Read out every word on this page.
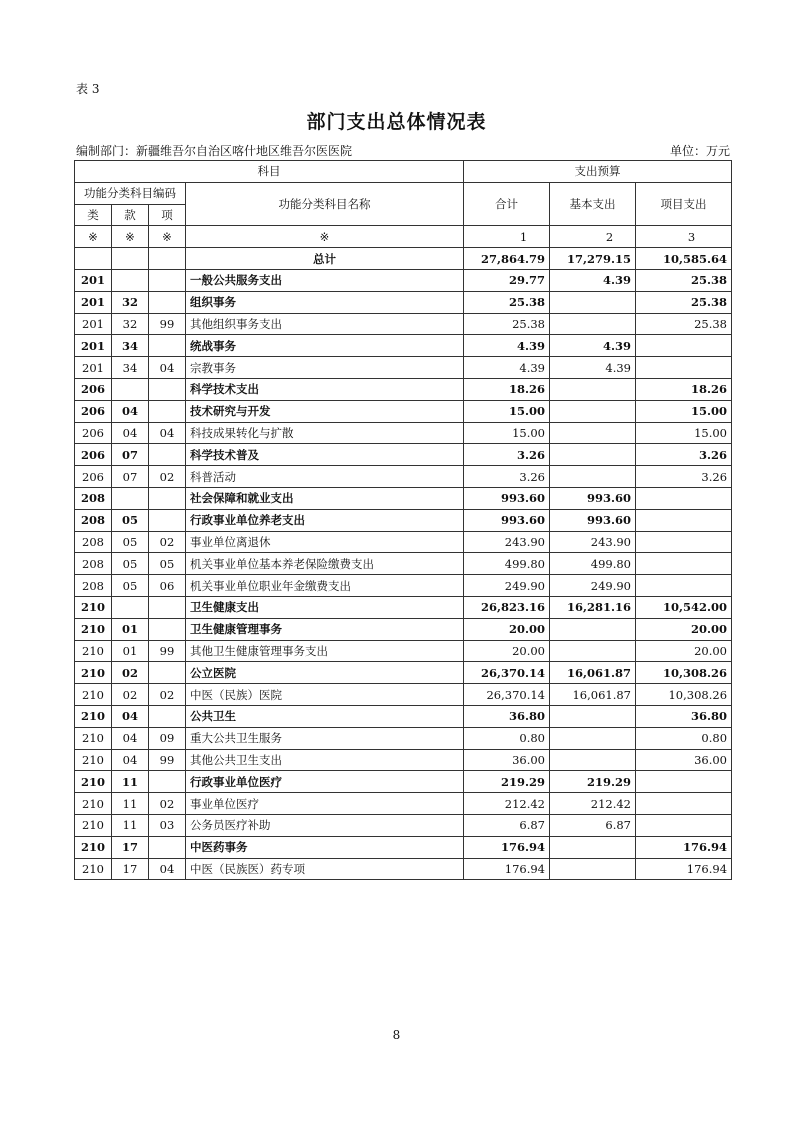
表 3
部门支出总体情况表
编制部门：新疆维吾尔自治区喀什地区维吾尔医医院	单位：万元
科目				支出预算		
功能分类科目编码			功能分类科目名称	合计	基本支出	项目支出
类	款	项				
※	※	※	※	1	2	3
			总计	27,864.79	17,279.15	10,585.64
201			一般公共服务支出	29.77	4.39	25.38
201	32		组织事务	25.38		25.38
201	32	99	其他组织事务支出	25.38		25.38
201	34		统战事务	4.39	4.39	
201	34	04	宗教事务	4.39	4.39	
206			科学技术支出	18.26		18.26
206	04		技术研究与开发	15.00		15.00
206	04	04	科技成果转化与扩散	15.00		15.00
206	07		科学技术普及	3.26		3.26
206	07	02	科普活动	3.26		3.26
208			社会保障和就业支出	993.60	993.60	
208	05		行政事业单位养老支出	993.60	993.60	
208	05	02	事业单位离退休	243.90	243.90	
208	05	05	机关事业单位基本养老保险缴费支出	499.80	499.80	
208	05	06	机关事业单位职业年金缴费支出	249.90	249.90	
210			卫生健康支出	26,823.16	16,281.16	10,542.00
210	01		卫生健康管理事务	20.00		20.00
210	01	99	其他卫生健康管理事务支出	20.00		20.00
210	02		公立医院	26,370.14	16,061.87	10,308.26
210	02	02	中医（民族）医院	26,370.14	16,061.87	10,308.26
210	04		公共卫生	36.80		36.80
210	04	09	重大公共卫生服务	0.80		0.80
210	04	99	其他公共卫生支出	36.00		36.00
210	11		行政事业单位医疗	219.29	219.29	
210	11	02	事业单位医疗	212.42	212.42	
210	11	03	公务员医疗补助	6.87	6.87	
210	17		中医药事务	176.94		176.94
210	17	04	中医（民族医）药专项	176.94		176.94
8
